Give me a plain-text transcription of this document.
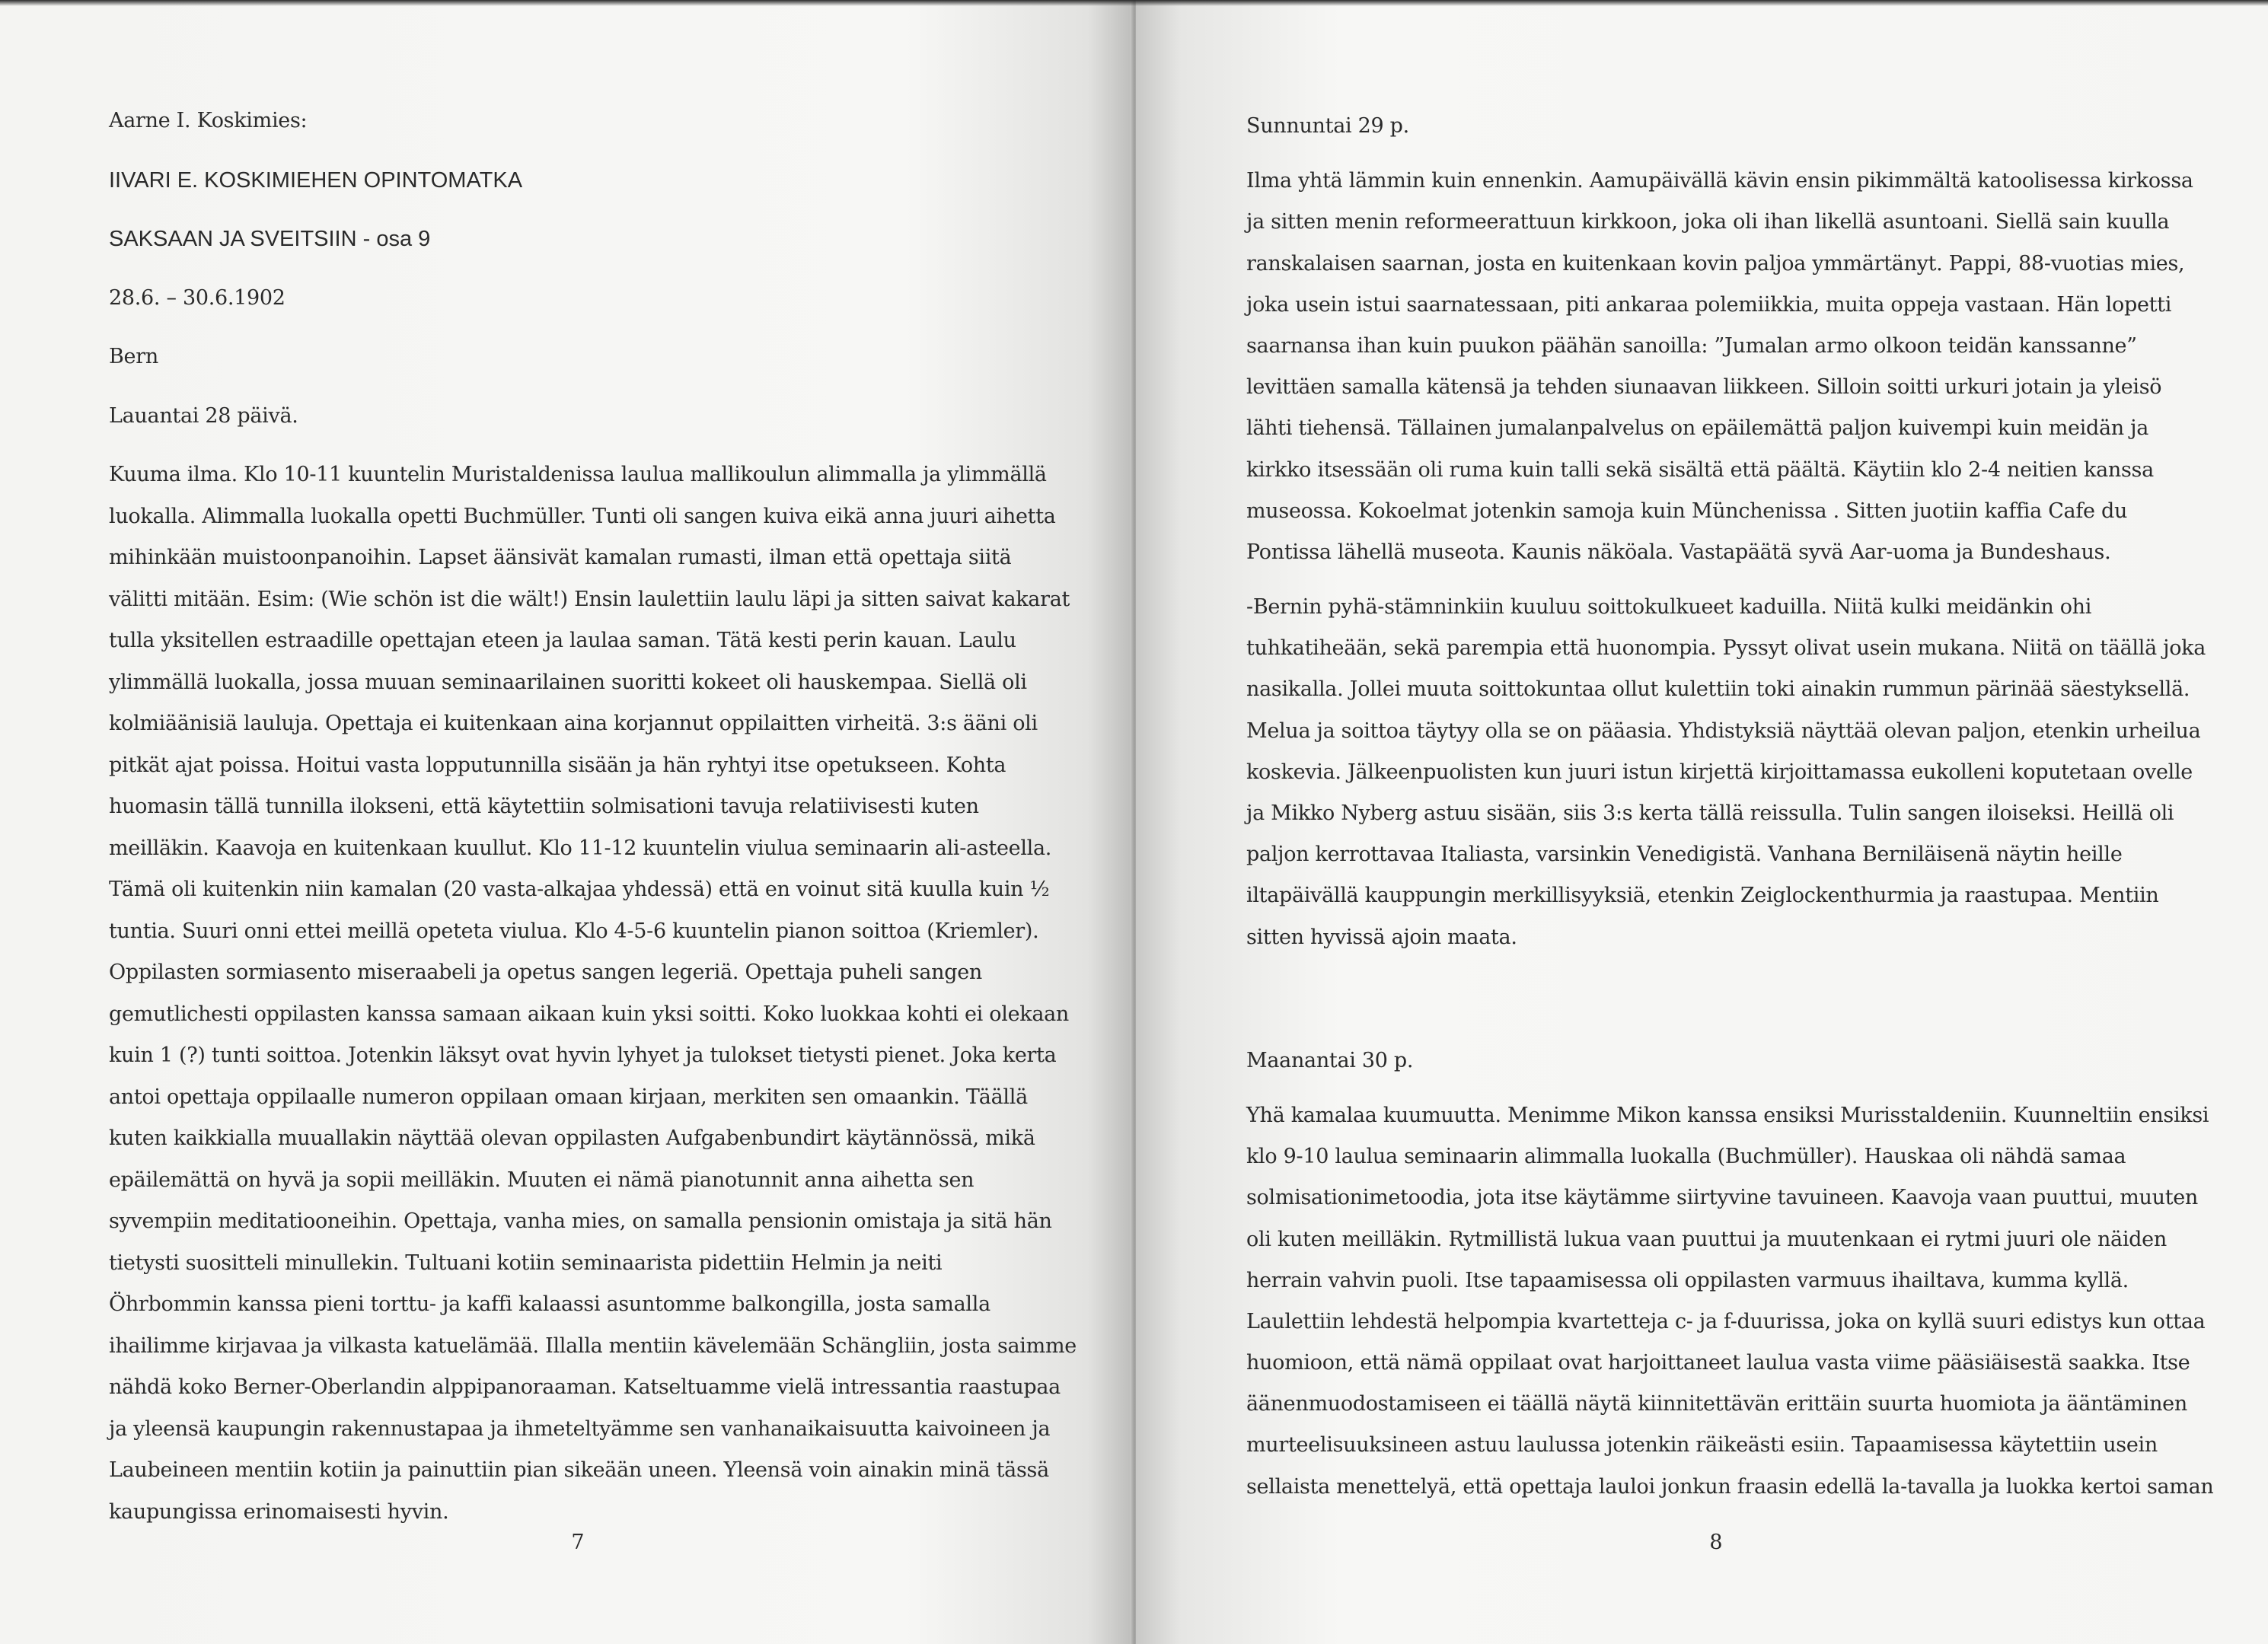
Aarne I. Koskimies:
IIVARI E. KOSKIMIEHEN OPINTOMATKA
SAKSAAN JA SVEITSIIN - osa 9
28.6. – 30.6.1902
Bern
Lauantai 28 päivä.
Kuuma ilma. Klo 10-11 kuuntelin Muristaldenissa laulua mallikoulun alimmalla ja ylimmällä
luokalla. Alimmalla luokalla opetti Buchmüller. Tunti oli sangen kuiva eikä anna juuri aihetta
mihinkään muistoonpanoihin. Lapset äänsivät kamalan rumasti, ilman että opettaja siitä
välitti mitään. Esim: (Wie schön ist die wält!) Ensin laulettiin laulu läpi ja sitten saivat kakarat
tulla yksitellen estraadille opettajan eteen ja laulaa saman. Tätä kesti perin kauan. Laulu
ylimmällä luokalla, jossa muuan seminaarilainen suoritti kokeet oli hauskempaa. Siellä oli
kolmiäänisiä lauluja. Opettaja ei kuitenkaan aina korjannut oppilaitten virheitä. 3:s ääni oli
pitkät ajat poissa. Hoitui vasta lopputunnilla sisään ja hän ryhtyi itse opetukseen. Kohta
huomasin tällä tunnilla ilokseni, että käytettiin solmisationi tavuja relatiivisesti kuten
meilläkin. Kaavoja en kuitenkaan kuullut. Klo 11-12 kuuntelin viulua seminaarin ali-asteella.
Tämä oli kuitenkin niin kamalan (20 vasta-alkajaa yhdessä) että en voinut sitä kuulla kuin ½
tuntia. Suuri onni ettei meillä opeteta viulua. Klo 4-5-6 kuuntelin pianon soittoa (Kriemler).
Oppilasten sormiasento miseraabeli ja opetus sangen legeriä. Opettaja puheli sangen
gemutlichesti oppilasten kanssa samaan aikaan kuin yksi soitti. Koko luokkaa kohti ei olekaan
kuin 1 (?) tunti soittoa. Jotenkin läksyt ovat hyvin lyhyet ja tulokset tietysti pienet. Joka kerta
antoi opettaja oppilaalle numeron oppilaan omaan kirjaan, merkiten sen omaankin. Täällä
kuten kaikkialla muuallakin näyttää olevan oppilasten Aufgabenbundirt käytännössä, mikä
epäilemättä on hyvä ja sopii meilläkin. Muuten ei nämä pianotunnit anna aihetta sen
syvempiin meditatiooneihin. Opettaja, vanha mies, on samalla pensionin omistaja ja sitä hän
tietysti suositteli minullekin. Tultuani kotiin seminaarista pidettiin Helmin ja neiti
Öhrbommin kanssa pieni torttu- ja kaffi kalaassi asuntomme balkongilla, josta samalla
ihailimme kirjavaa ja vilkasta katuelämää. Illalla mentiin kävelemään Schängliin, josta saimme
nähdä koko Berner-Oberlandin alppipanoraaman. Katseltuamme vielä intressantia raastupaa
ja yleensä kaupungin rakennustapaa ja ihmeteltyämme sen vanhanaikaisuutta kaivoineen ja
Laubeineen mentiin kotiin ja painuttiin pian sikeään uneen. Yleensä voin ainakin minä tässä
kaupungissa erinomaisesti hyvin.
7
Sunnuntai 29 p.
Ilma yhtä lämmin kuin ennenkin. Aamupäivällä kävin ensin pikimmältä katoolisessa kirkossa
ja sitten menin reformeerattuun kirkkoon, joka oli ihan likellä asuntoani. Siellä sain kuulla
ranskalaisen saarnan, josta en kuitenkaan kovin paljoa ymmärtänyt. Pappi, 88-vuotias mies,
joka usein istui saarnatessaan, piti ankaraa polemiikkia, muita oppeja vastaan. Hän lopetti
saarnansa ihan kuin puukon päähän sanoilla: ”Jumalan armo olkoon teidän kanssanne”
levittäen samalla kätensä ja tehden siunaavan liikkeen. Silloin soitti urkuri jotain ja yleisö
lähti tiehensä. Tällainen jumalanpalvelus on epäilemättä paljon kuivempi kuin meidän ja
kirkko itsessään oli ruma kuin talli sekä sisältä että päältä. Käytiin klo 2-4 neitien kanssa
museossa. Kokoelmat jotenkin samoja kuin Münchenissa . Sitten juotiin kaffia Cafe du
Pontissa lähellä museota. Kaunis näköala. Vastapäätä syvä Aar-uoma ja Bundeshaus.
-Bernin pyhä-stämninkiin kuuluu soittokulkueet kaduilla. Niitä kulki meidänkin ohi
tuhkatiheään, sekä parempia että huonompia. Pyssyt olivat usein mukana. Niitä on täällä joka
nasikalla. Jollei muuta soittokuntaa ollut kulettiin toki ainakin rummun pärinää säestyksellä.
Melua ja soittoa täytyy olla se on pääasia. Yhdistyksiä näyttää olevan paljon, etenkin urheilua
koskevia. Jälkeenpuolisten kun juuri istun kirjettä kirjoittamassa eukolleni koputetaan ovelle
ja Mikko Nyberg astuu sisään, siis 3:s kerta tällä reissulla. Tulin sangen iloiseksi. Heillä oli
paljon kerrottavaa Italiasta, varsinkin Venedigistä. Vanhana Berniläisenä näytin heille
iltapäivällä kauppungin merkillisyyksiä, etenkin Zeiglockenthurmia ja raastupaa. Mentiin
sitten hyvissä ajoin maata.
Maanantai 30 p.
Yhä kamalaa kuumuutta. Menimme Mikon kanssa ensiksi Murisstaldeniin. Kuunneltiin ensiksi
klo 9-10 laulua seminaarin alimmalla luokalla (Buchmüller). Hauskaa oli nähdä samaa
solmisationimetoodia, jota itse käytämme siirtyvine tavuineen. Kaavoja vaan puuttui, muuten
oli kuten meilläkin. Rytmillistä lukua vaan puuttui ja muutenkaan ei rytmi juuri ole näiden
herrain vahvin puoli. Itse tapaamisessa oli oppilasten varmuus ihailtava, kumma kyllä.
Laulettiin lehdestä helpompia kvartetteja c- ja f-duurissa, joka on kyllä suuri edistys kun ottaa
huomioon, että nämä oppilaat ovat harjoittaneet laulua vasta viime pääsiäisestä saakka. Itse
äänenmuodostamiseen ei täällä näytä kiinnitettävän erittäin suurta huomiota ja ääntäminen
murteelisuuksineen astuu laulussa jotenkin räikeästi esiin. Tapaamisessa käytettiin usein
sellaista menettelyä, että opettaja lauloi jonkun fraasin edellä la-tavalla ja luokka kertoi saman
8
